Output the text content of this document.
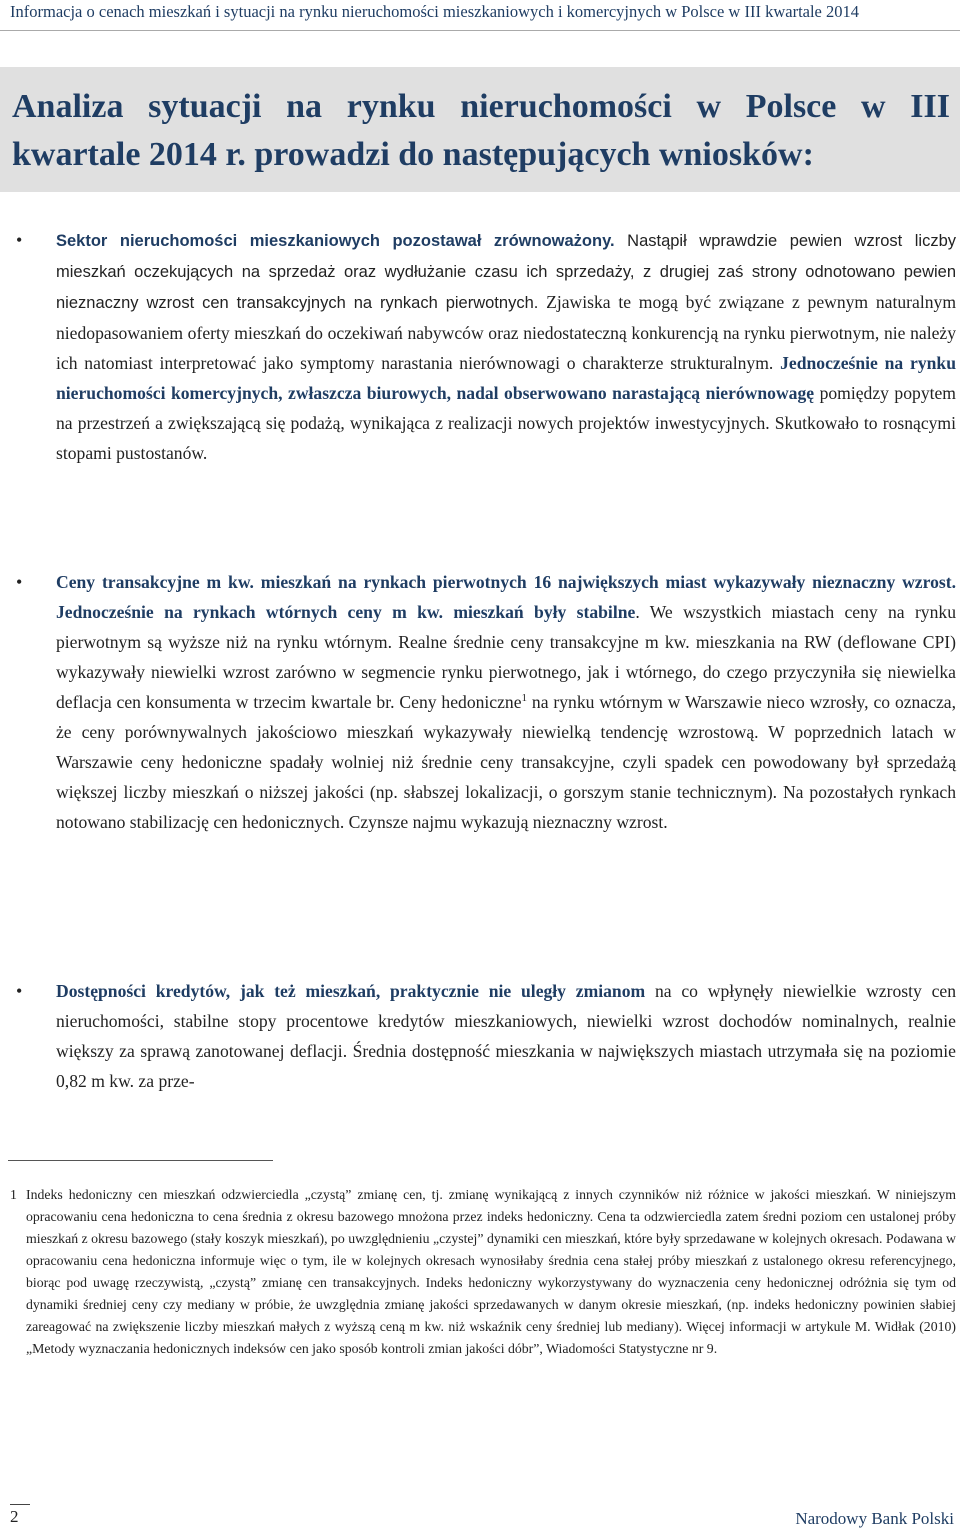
Informacja o cenach mieszkań i sytuacji na rynku nieruchomości mieszkaniowych i komercyjnych w Polsce w III kwartale 2014
Analiza sytuacji na rynku nieruchomości w Polsce w III kwartale 2014 r. prowadzi do następujących wniosków:
• Sektor nieruchomości mieszkaniowych pozostawał zrównoważony. Nastąpił wprawdzie pewien wzrost liczby mieszkań oczekujących na sprzedaż oraz wydłużanie czasu ich sprzedaży, z drugiej zaś strony odnotowano pewien nieznaczny wzrost cen transakcyjnych na rynkach pierwotnych. Zjawiska te mogą być związane z pewnym naturalnym niedopasowaniem oferty mieszkań do oczekiwań nabywców oraz niedostateczną konkurencją na rynku pierwotnym, nie należy ich natomiast interpretować jako symptomy narastania nierównowagi o charakterze strukturalnym. Jednocześnie na rynku nieruchomości komercyjnych, zwłaszcza biurowych, nadal obserwowano narastającą nierównowagę pomiędzy popytem na przestrzeń a zwiększającą się podażą, wynikająca z realizacji nowych projektów inwestycyjnych. Skutkowało to rosnącymi stopami pustostanów.
• Ceny transakcyjne m kw. mieszkań na rynkach pierwotnych 16 największych miast wykazywały nieznaczny wzrost. Jednocześnie na rynkach wtórnych ceny m kw. mieszkań były stabilne. We wszystkich miastach ceny na rynku pierwotnym są wyższe niż na rynku wtórnym. Realne średnie ceny transakcyjne m kw. mieszkania na RW (deflowane CPI) wykazywały niewielki wzrost zarówno w segmencie rynku pierwotnego, jak i wtórnego, do czego przyczyniła się niewielka deflacja cen konsumenta w trzecim kwartale br. Ceny hedoniczne$^1$ na rynku wtórnym w Warszawie nieco wzrosły, co oznacza, że ceny porównywalnych jakościowo mieszkań wykazywały niewielką tendencję wzrostową. W poprzednich latach w Warszawie ceny hedoniczne spadały wolniej niż średnie ceny transakcyjne, czyli spadek cen powodowany był sprzedażą większej liczby mieszkań o niższej jakości (np. słabszej lokalizacji, o gorszym stanie technicznym). Na pozostałych rynkach notowano stabilizację cen hedonicznych. Czynsze najmu wykazują nieznaczny wzrost.
• Dostępności kredytów, jak też mieszkań, praktycznie nie uległy zmianom na co wpłynęły niewielkie wzrosty cen nieruchomości, stabilne stopy procentowe kredytów mieszkaniowych, niewielki wzrost dochodów nominalnych, realnie większy za sprawą zanotowanej deflacji. Średnia dostępność mieszkania w największych miastach utrzymała się na poziomie 0,82 m kw. za prze-
1 Indeks hedoniczny cen mieszkań odzwierciedla „czystą” zmianę cen, tj. zmianę wynikającą z innych czynników niż różnice w jakości mieszkań. W niniejszym opracowaniu cena hedoniczna to cena średnia z okresu bazowego mnożona przez indeks hedoniczny. Cena ta odzwierciedla zatem średni poziom cen ustalonej próby mieszkań z okresu bazowego (stały koszyk mieszkań), po uwzględnieniu „czystej” dynamiki cen mieszkań, które były sprzedawane w kolejnych okresach. Podawana w opracowaniu cena hedoniczna informuje więc o tym, ile w kolejnych okresach wynosiłaby średnia cena stałej próby mieszkań z ustalonego okresu referencyjnego, biorąc pod uwagę rzeczywistą, „czystą” zmianę cen transakcyjnych. Indeks hedoniczny wykorzystywany do wyznaczenia ceny hedonicznej odróżnia się tym od dynamiki średniej ceny czy mediany w próbie, że uwzględnia zmianę jakości sprzedawanych w danym okresie mieszkań, (np. indeks hedoniczny powinien słabiej zareagować na zwiększenie liczby mieszkań małych z wyższą ceną m kw. niż wskaźnik ceny średniej lub mediany). Więcej informacji w artykule M. Widłak (2010) „Metody wyznaczania hedonicznych indeksów cen jako sposób kontroli zmian jakości dóbr”, Wiadomości Statystyczne nr 9.
2	Narodowy Bank Polski
